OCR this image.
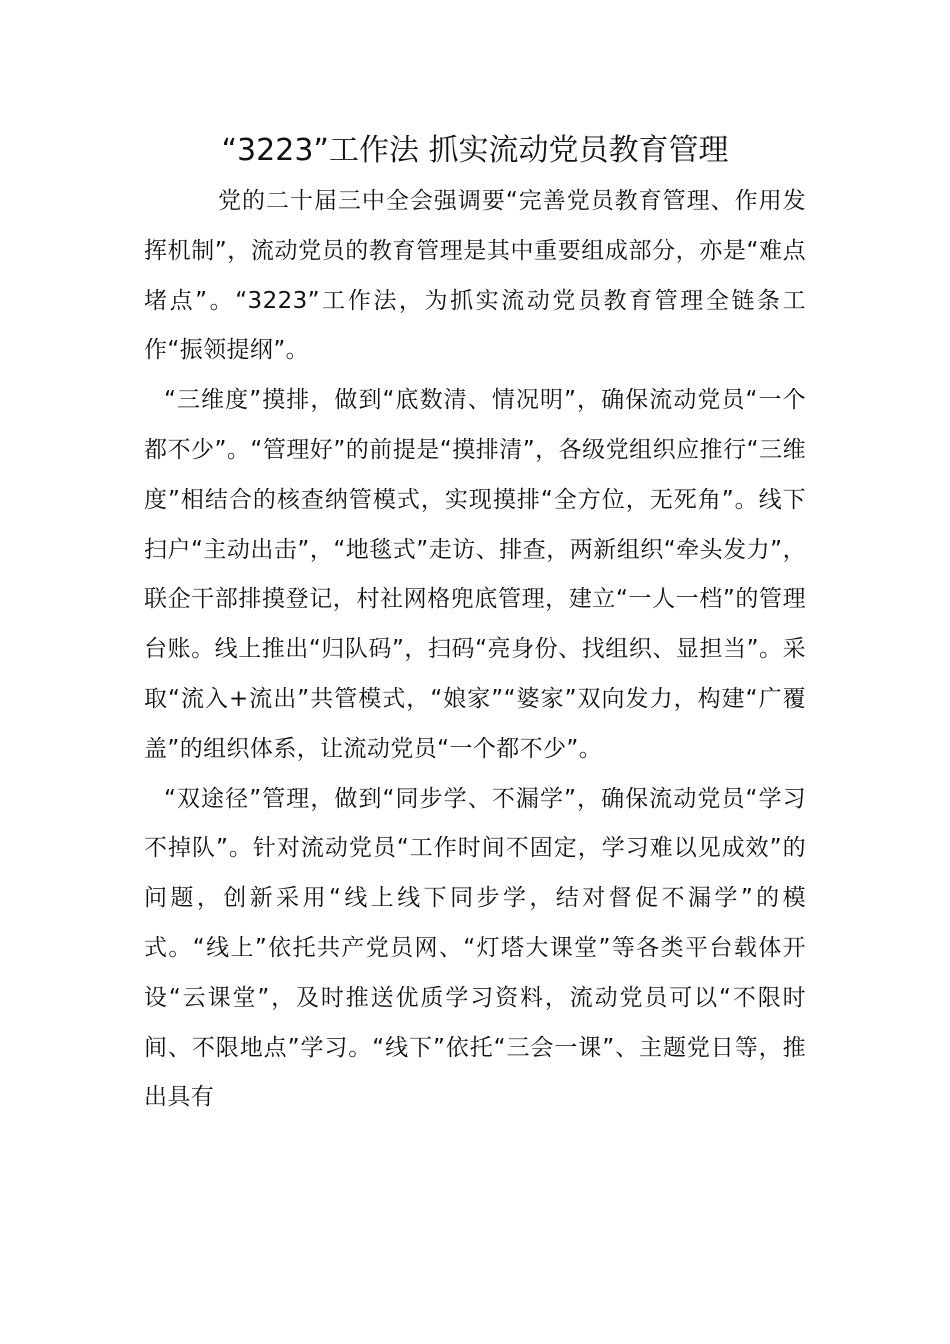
“3223”工作法 抓实流动党员教育管理

党的二十届三中全会强调要“完善党员教育管理、作用发挥机制”，流动党员的教育管理是其中重要组成部分，亦是“难点堵点”。“3223”工作法，为抓实流动党员教育管理全链条工作“振领提纲”。

“三维度”摸排，做到“底数清、情况明”，确保流动党员“一个都不少”。“管理好”的前提是“摸排清”，各级党组织应推行“三维度”相结合的核查纳管模式，实现摸排“全方位，无死角”。线下扫户“主动出击”，“地毯式”走访、排查，两新组织“牵头发力”，联企干部排摸登记，村社网格兜底管理，建立“一人一档”的管理台账。线上推出“归队码”，扫码“亮身份、找组织、显担当”。采取“流入+流出”共管模式，“娘家”“婆家”双向发力，构建“广覆盖”的组织体系，让流动党员“一个都不少”。

“双途径”管理，做到“同步学、不漏学”，确保流动党员“学习不掉队”。针对流动党员“工作时间不固定，学习难以见成效”的问题，创新采用“线上线下同步学，结对督促不漏学”的模式。“线上”依托共产党员网、“灯塔大课堂”等各类平台载体开设“云课堂”，及时推送优质学习资料，流动党员可以“不限时间、不限地点”学习。“线下”依托“三会一课”、主题党日等，推出具有
